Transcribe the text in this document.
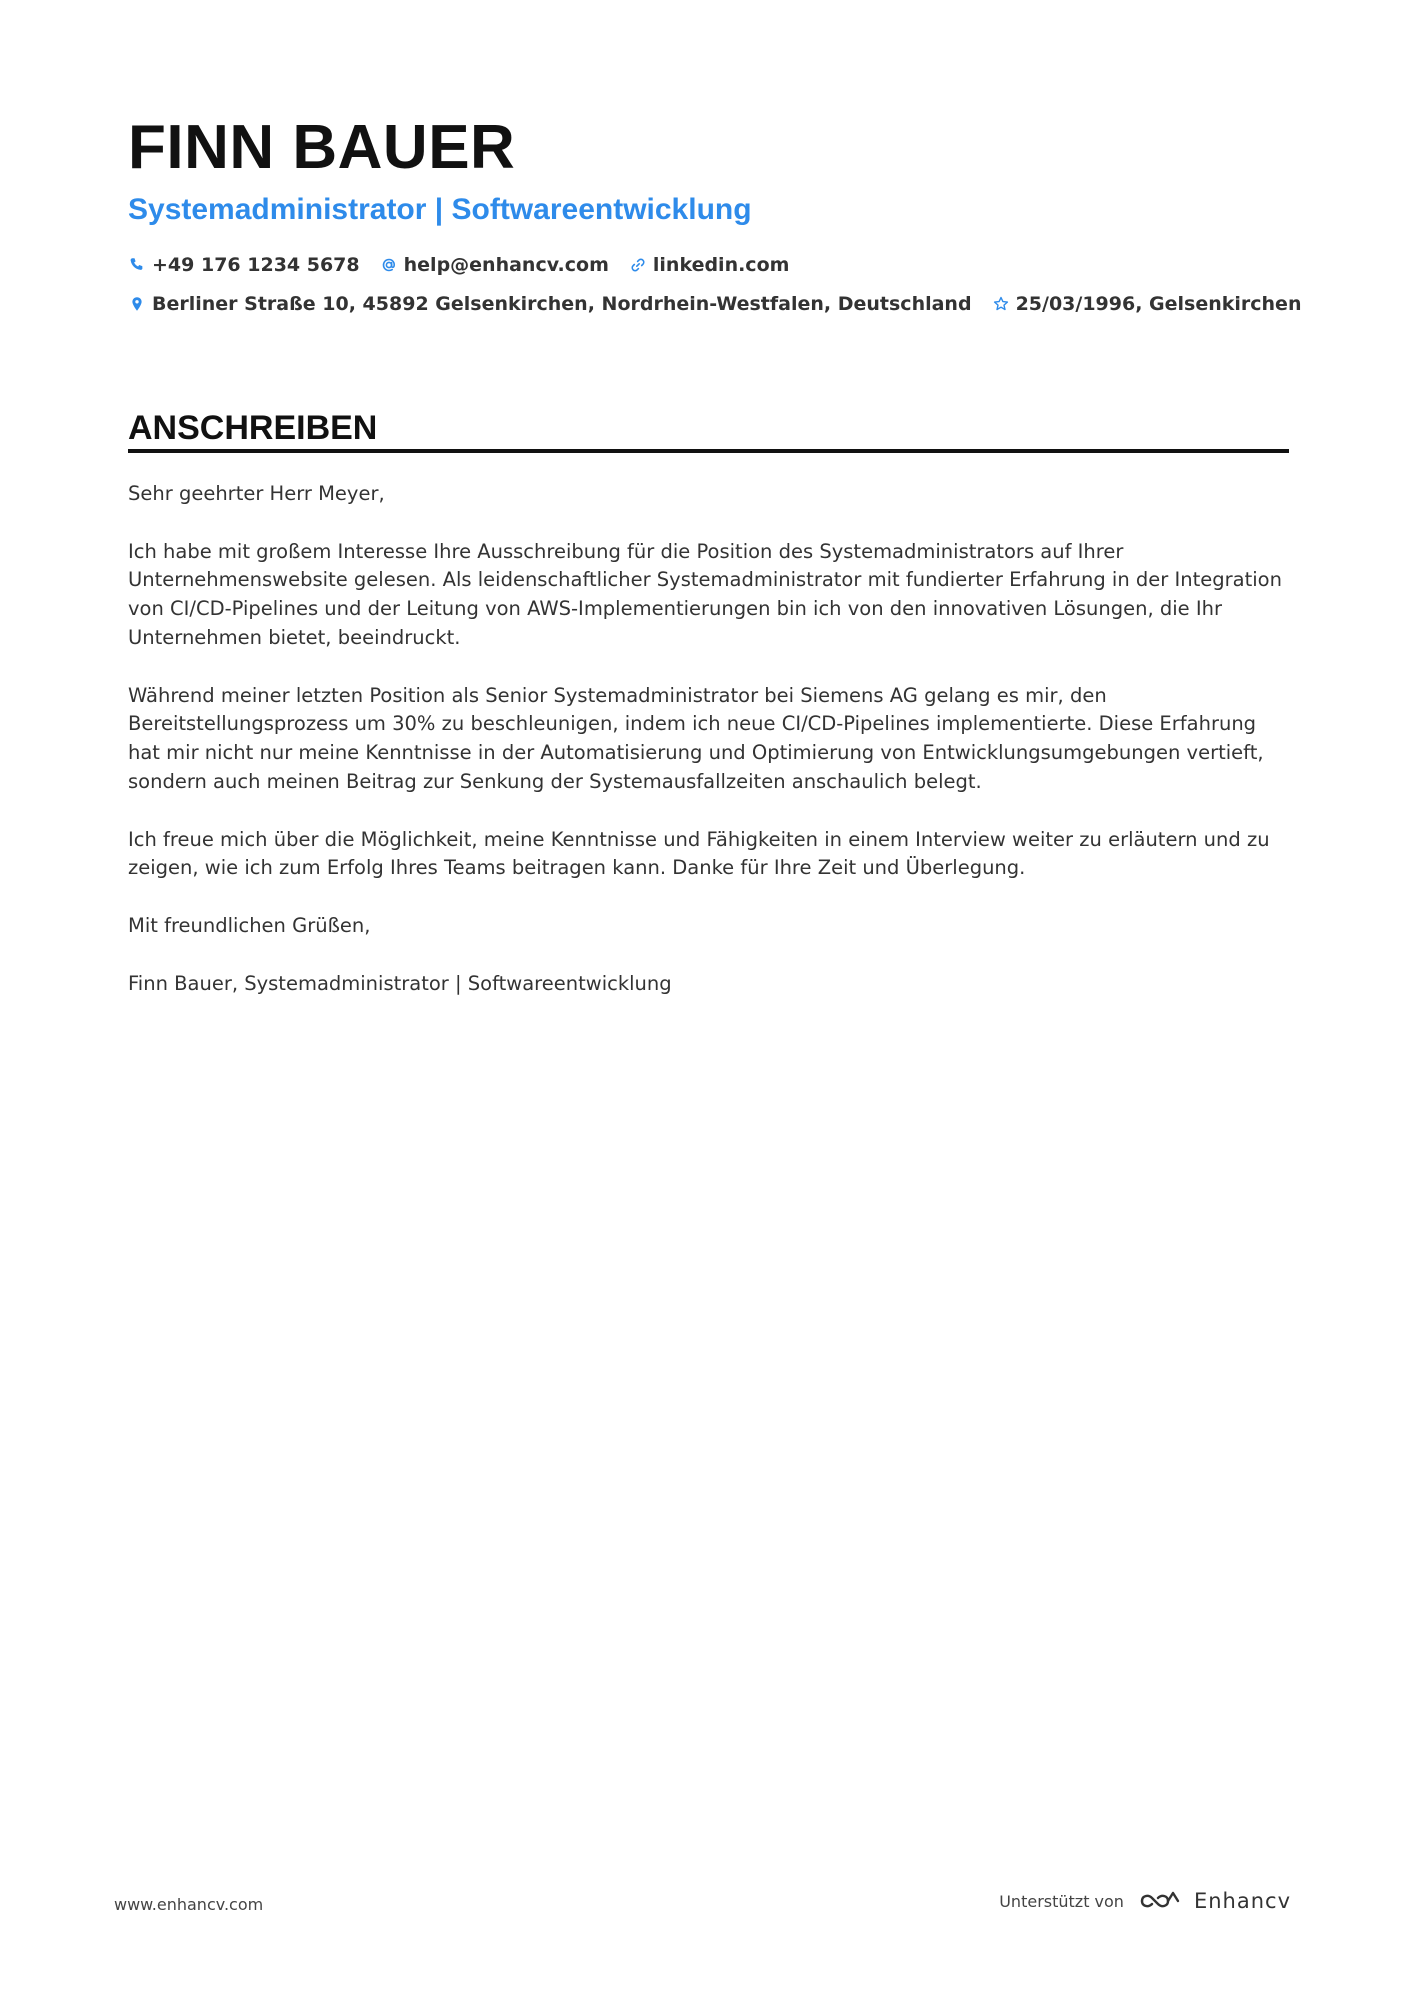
FINN BAUER
Systemadministrator | Softwareentwicklung
+49 176 1234 5678 help@enhancv.com linkedin.com
Berliner Straße 10, 45892 Gelsenkirchen, Nordrhein-Westfalen, Deutschland 25/03/1996, Gelsenkirchen
ANSCHREIBEN

Sehr geehrter Herr Meyer,

Ich habe mit großem Interesse Ihre Ausschreibung für die Position des Systemadministrators auf Ihrer Unternehmenswebsite gelesen. Als leidenschaftlicher Systemadministrator mit fundierter Erfahrung in der Integration von CI/CD-Pipelines und der Leitung von AWS-Implementierungen bin ich von den innovativen Lösungen, die Ihr Unternehmen bietet, beeindruckt.

Während meiner letzten Position als Senior Systemadministrator bei Siemens AG gelang es mir, den Bereitstellungsprozess um 30% zu beschleunigen, indem ich neue CI/CD-Pipelines implementierte. Diese Erfahrung hat mir nicht nur meine Kenntnisse in der Automatisierung und Optimierung von Entwicklungsumgebungen vertieft, sondern auch meinen Beitrag zur Senkung der Systemausfallzeiten anschaulich belegt.

Ich freue mich über die Möglichkeit, meine Kenntnisse und Fähigkeiten in einem Interview weiter zu erläutern und zu zeigen, wie ich zum Erfolg Ihres Teams beitragen kann. Danke für Ihre Zeit und Überlegung.

Mit freundlichen Grüßen,

Finn Bauer, Systemadministrator | Softwareentwicklung

www.enhancv.com	Unterstützt von	Enhancv
